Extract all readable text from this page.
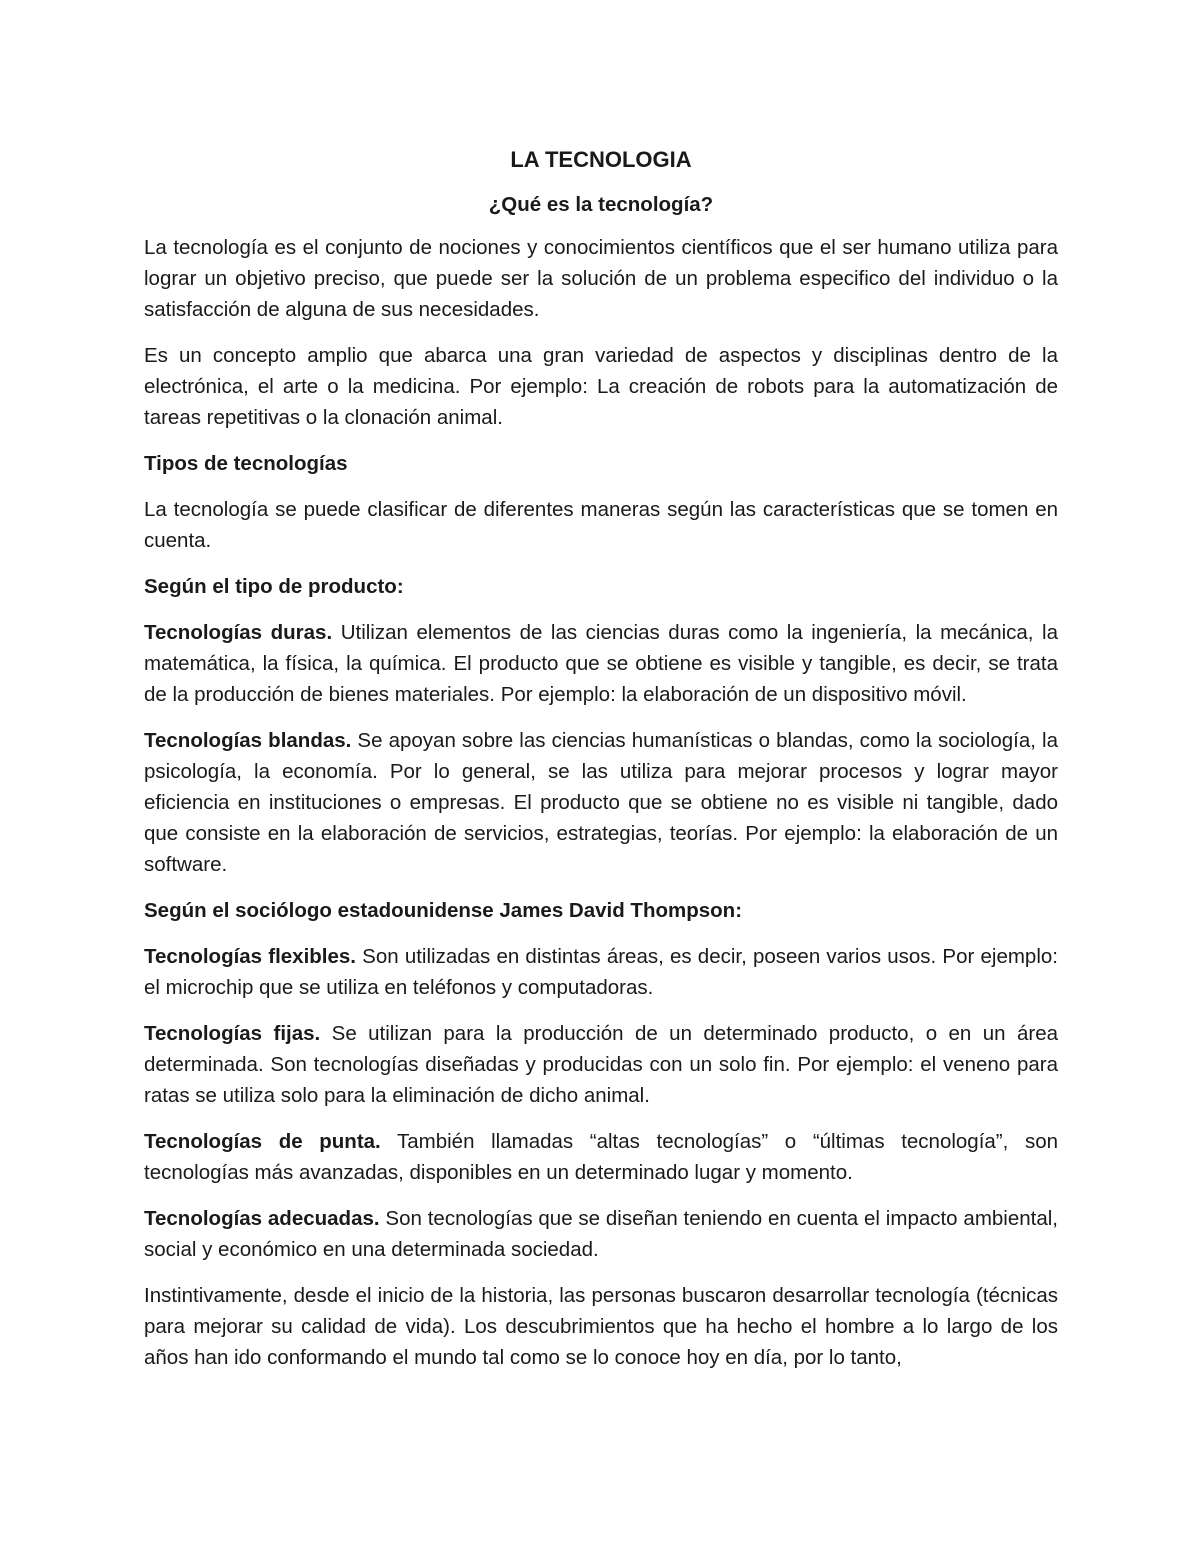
LA TECNOLOGIA
¿Qué es la tecnología?

La tecnología es el conjunto de nociones y conocimientos científicos que el ser humano utiliza para lograr un objetivo preciso, que puede ser la solución de un problema especifico del individuo o la satisfacción de alguna de sus necesidades.

Es un concepto amplio que abarca una gran variedad de aspectos y disciplinas dentro de la electrónica, el arte o la medicina. Por ejemplo: La creación de robots para la automatización de tareas repetitivas o la clonación animal.

Tipos de tecnologías

La tecnología se puede clasificar de diferentes maneras según las características que se tomen en cuenta.

Según el tipo de producto:

Tecnologías duras. Utilizan elementos de las ciencias duras como la ingeniería, la mecánica, la matemática, la física, la química. El producto que se obtiene es visible y tangible, es decir, se trata de la producción de bienes materiales. Por ejemplo: la elaboración de un dispositivo móvil.

Tecnologías blandas. Se apoyan sobre las ciencias humanísticas o blandas, como la sociología, la psicología, la economía. Por lo general, se las utiliza para mejorar procesos y lograr mayor eficiencia en instituciones o empresas. El producto que se obtiene no es visible ni tangible, dado que consiste en la elaboración de servicios, estrategias, teorías. Por ejemplo: la elaboración de un software.

Según el sociólogo estadounidense James David Thompson:

Tecnologías flexibles. Son utilizadas en distintas áreas, es decir, poseen varios usos. Por ejemplo: el microchip que se utiliza en teléfonos y computadoras.

Tecnologías fijas. Se utilizan para la producción de un determinado producto, o en un área determinada. Son tecnologías diseñadas y producidas con un solo fin. Por ejemplo: el veneno para ratas se utiliza solo para la eliminación de dicho animal.

Tecnologías de punta. También llamadas “altas tecnologías” o “últimas tecnología”, son tecnologías más avanzadas, disponibles en un determinado lugar y momento.

Tecnologías adecuadas. Son tecnologías que se diseñan teniendo en cuenta el impacto ambiental, social y económico en una determinada sociedad.

Instintivamente, desde el inicio de la historia, las personas buscaron desarrollar tecnología (técnicas para mejorar su calidad de vida). Los descubrimientos que ha hecho el hombre a lo largo de los años han ido conformando el mundo tal como se lo conoce hoy en día, por lo tanto,
